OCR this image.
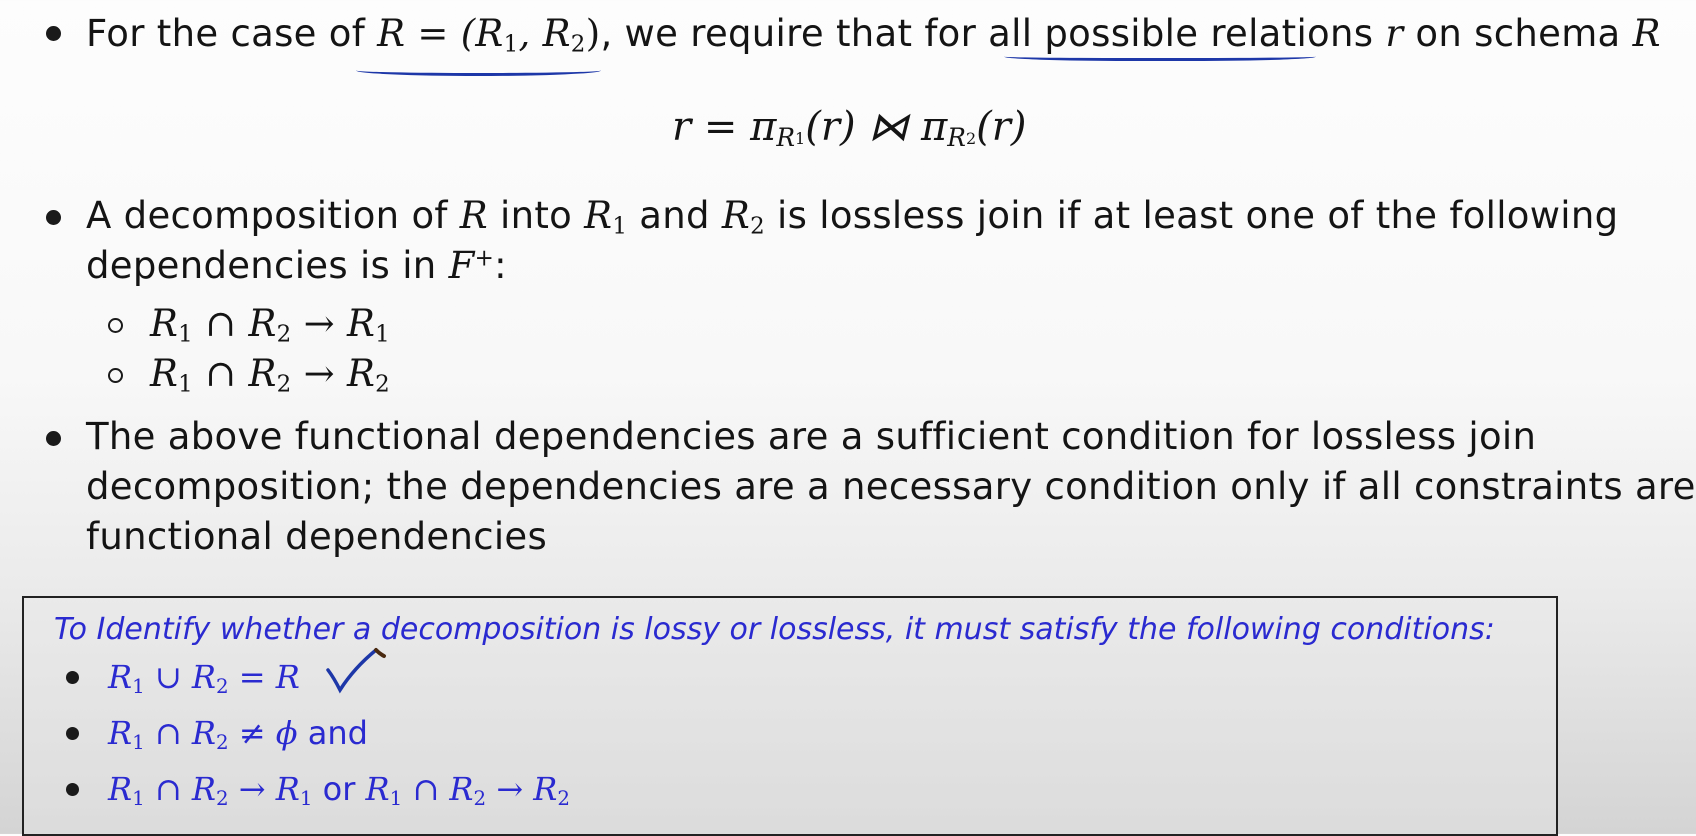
For the case of $R = (R_1$, $R_2$), we require that for all possible relations r on schema R
$r = \pi_{R1}(r)$ ⋈ $\pi_{R2}(r)$
A decomposition of R into $R_1$ and $R_2$ is lossless join if at least one of the following
dependencies is in F+:
$R_1$ ∩ $R_2 \to R_1$
$R_1$ ∩ $R_2 \to R_2$
The above functional dependencies are a sufficient condition for lossless join
decomposition; the dependencies are a necessary condition only if all constraints are
functional dependencies
To Identify whether a decomposition is lossy or lossless, it must satisfy the following conditions:
$R_1$ ∪ $R_2 = R$
$R_1$ ∩ $R_2 \ne \phi$ and
$R_1$ ∩ $R_2 \to R_1$ or $R_1$ ∩ $R_2 \to R_2$
